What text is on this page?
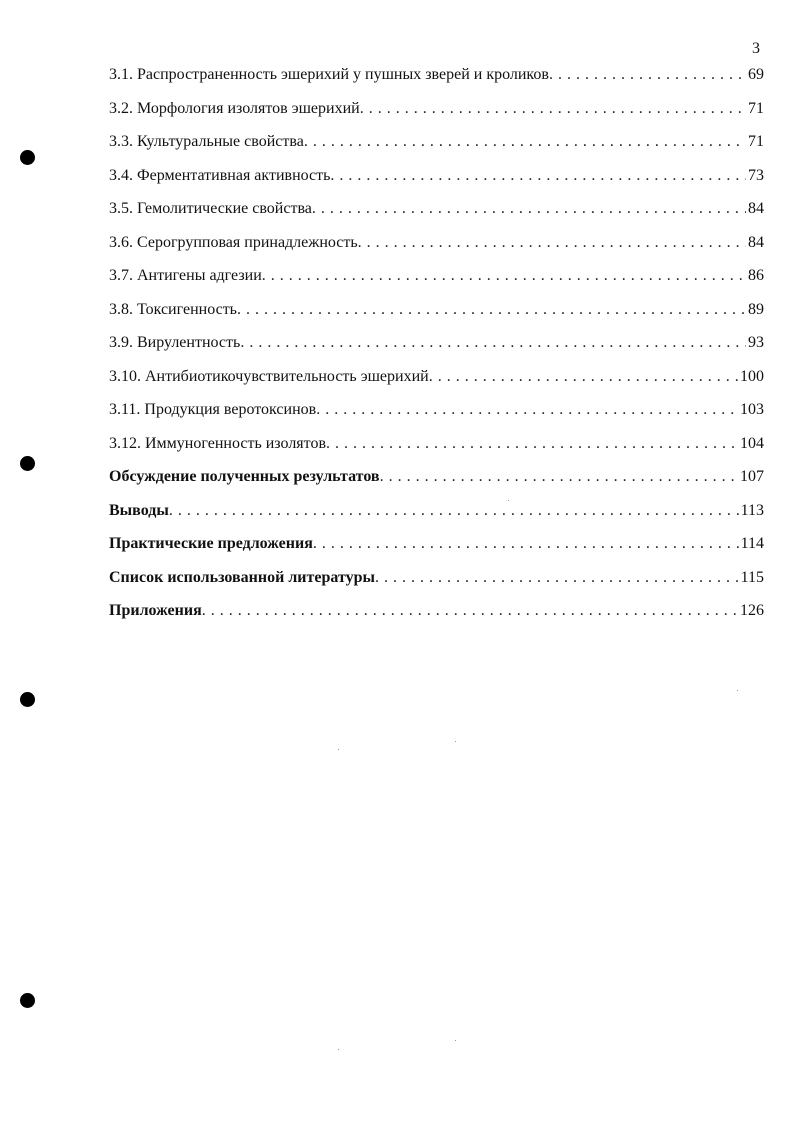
3
3.1. Распространенность эшерихий у пушных зверей и кроликов . . .	69
3.2. Морфология изолятов эшерихий . . .	71
3.3. Культуральные свойства . . .	71
3.4. Ферментативная активность . . .	73
3.5. Гемолитические свойства . . .	84
3.6. Серогрупповая принадлежность . . .	84
3.7. Антигены адгезии . . .	86
3.8. Токсигенность . . .	89
3.9. Вирулентность . . .	93
3.10. Антибиотикочувствительность эшерихий . . .	100
3.11. Продукция веротоксинов . . .	103
3.12. Иммуногенность изолятов . . .	104
Обсуждение полученных результатов . . .	107
Выводы . . .	113
Практические предложения . . .	114
Список использованной литературы . . .	115
Приложения . . .	126
